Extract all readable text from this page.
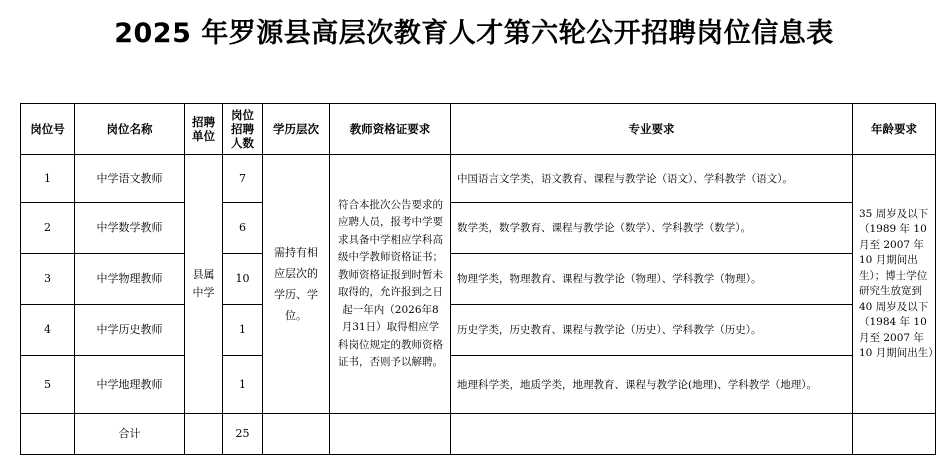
2025 年罗源县高层次教育人才第六轮公开招聘岗位信息表
岗位号	岗位名称	招聘单位	岗位招聘人数	学历层次	教师资格证要求	专业要求	年龄要求
1	中学语文教师	县属中学	7	需持有相应层次的学历、学位。	符合本批次公告要求的应聘人员，报考中学要求具备中学相应学科高级中学教师资格证书；教师资格证报到时暂未取得的，允许报到之日起一年内（2026年8月31日）取得相应学科岗位规定的教师资格证书，否则予以解聘。	中国语言文学类，语文教育、课程与教学论（语文）、学科教学（语文）。	35 周岁及以下（1989 年 10 月至 2007 年 10 月期间出生）；博士学位研究生放宽到 40 周岁及以下（1984 年 10 月至 2007 年 10 月期间出生）
2	中学数学教师		6			数学类，数学教育、课程与教学论（数学）、学科教学（数学）。	
3	中学物理教师		10			物理学类，物理教育、课程与教学论（物理）、学科教学（物理）。	
4	中学历史教师		1			历史学类，历史教育、课程与教学论（历史）、学科教学（历史）。	
5	中学地理教师		1			地理科学类，地质学类，地理教育、课程与教学论(地理)、学科教学（地理）。	
	合计		25				
